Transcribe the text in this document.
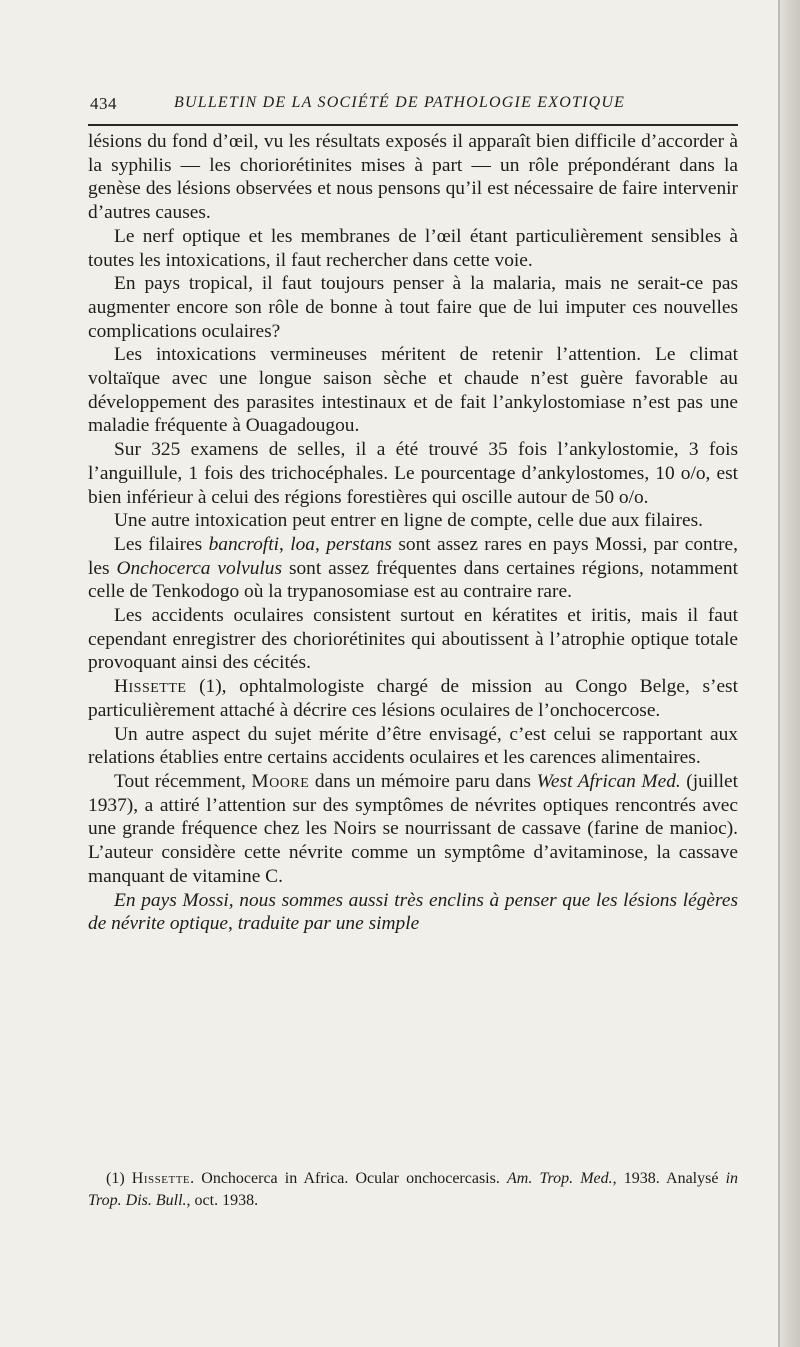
434	BULLETIN DE LA SOCIÉTÉ DE PATHOLOGIE EXOTIQUE

lésions du fond d’œil, vu les résultats exposés il apparaît bien difficile d’accorder à la syphilis — les choriorétinites mises à part — un rôle prépondérant dans la genèse des lésions observées et nous pensons qu’il est nécessaire de faire intervenir d’autres causes.

Le nerf optique et les membranes de l’œil étant particulièrement sensibles à toutes les intoxications, il faut rechercher dans cette voie.

En pays tropical, il faut toujours penser à la malaria, mais ne serait-ce pas augmenter encore son rôle de bonne à tout faire que de lui imputer ces nouvelles complications oculaires?

Les intoxications vermineuses méritent de retenir l’attention. Le climat voltaïque avec une longue saison sèche et chaude n’est guère favorable au développement des parasites intestinaux et de fait l’ankylostomiase n’est pas une maladie fréquente à Ouagadougou.

Sur 325 examens de selles, il a été trouvé 35 fois l’ankylostomie, 3 fois l’anguillule, 1 fois des trichocéphales. Le pourcentage d’ankylostomes, 10 o/o, est bien inférieur à celui des régions forestières qui oscille autour de 50 o/o.

Une autre intoxication peut entrer en ligne de compte, celle due aux filaires.

Les filaires bancrofti, loa, perstans sont assez rares en pays Mossi, par contre, les Onchocerca volvulus sont assez fréquentes dans certaines régions, notamment celle de Tenkodogo où la trypanosomiase est au contraire rare.

Les accidents oculaires consistent surtout en kératites et iritis, mais il faut cependant enregistrer des choriorétinites qui aboutissent à l’atrophie optique totale provoquant ainsi des cécités.

Hissette (1), ophtalmologiste chargé de mission au Congo Belge, s’est particulièrement attaché à décrire ces lésions oculaires de l’onchocercose.

Un autre aspect du sujet mérite d’être envisagé, c’est celui se rapportant aux relations établies entre certains accidents oculaires et les carences alimentaires.

Tout récemment, Moore dans un mémoire paru dans West African Med. (juillet 1937), a attiré l’attention sur des symptômes de névrites optiques rencontrés avec une grande fréquence chez les Noirs se nourrissant de cassave (farine de manioc). L’auteur considère cette névrite comme un symptôme d’avitaminose, la cassave manquant de vitamine C.

En pays Mossi, nous sommes aussi très enclins à penser que les lésions légères de névrite optique, traduite par une simple

(1) Hissette. Onchocerca in Africa. Ocular onchocercasis. Am. Trop. Med., 1938. Analysé in Trop. Dis. Bull., oct. 1938.
